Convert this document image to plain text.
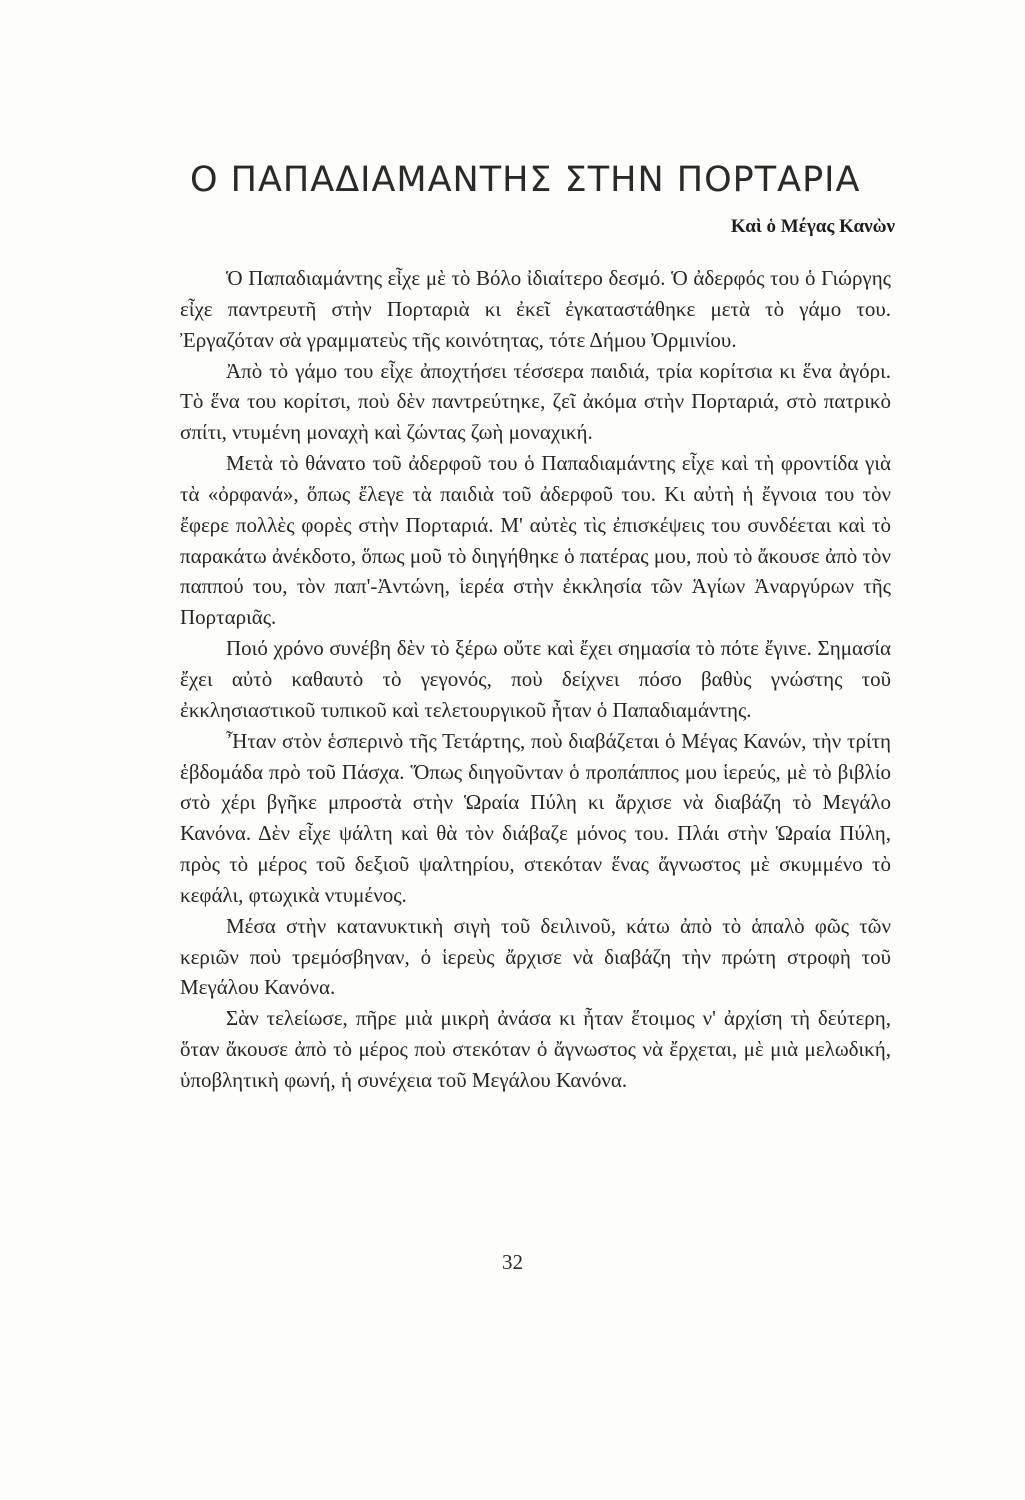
Ο ΠΑΠΑΔΙΑΜΑΝΤΗΣ ΣΤΗΝ ΠΟΡΤΑΡΙΑ
Καὶ ὁ Μέγας Κανὼν

Ὁ Παπαδιαμάντης εἶχε μὲ τὸ Βόλο ἰδιαίτερο δεσμό. Ὁ ἀδερφός του ὁ Γιώργης εἶχε παντρευτῆ στὴν Πορταριὰ κι ἐκεῖ ἐγκαταστάθηκε μετὰ τὸ γάμο του. Ἐργαζόταν σὰ γραμματεὺς τῆς κοινότητας, τότε Δήμου Ὀρμινίου.

Ἀπὸ τὸ γάμο του εἶχε ἀποχτήσει τέσσερα παιδιά, τρία κορίτσια κι ἕνα ἀγόρι. Τὸ ἕνα του κορίτσι, ποὺ δὲν παντρεύτηκε, ζεῖ ἀκόμα στὴν Πορταριά, στὸ πατρικὸ σπίτι, ντυμένη μοναχὴ καὶ ζώντας ζωὴ μοναχική.

Μετὰ τὸ θάνατο τοῦ ἀδερφοῦ του ὁ Παπαδιαμάντης εἶχε καὶ τὴ φροντίδα γιὰ τὰ «ὀρφανά», ὅπως ἔλεγε τὰ παιδιὰ τοῦ ἀδερφοῦ του. Κι αὐτὴ ἡ ἔγνοια του τὸν ἔφερε πολλὲς φορὲς στὴν Πορταριά. Μ' αὐτὲς τὶς ἐπισκέψεις του συνδέεται καὶ τὸ παρακάτω ἀνέκδοτο, ὅπως μοῦ τὸ διηγήθηκε ὁ πατέρας μου, ποὺ τὸ ἄκουσε ἀπὸ τὸν παππού του, τὸν παπ'-Ἀντώνη, ἱερέα στὴν ἐκκλησία τῶν Ἁγίων Ἀναργύρων τῆς Πορταριᾶς.

Ποιό χρόνο συνέβη δὲν τὸ ξέρω οὔτε καὶ ἔχει σημασία τὸ πότε ἔγινε. Σημασία ἔχει αὐτὸ καθαυτὸ τὸ γεγονός, ποὺ δείχνει πόσο βαθὺς γνώστης τοῦ ἐκκλησιαστικοῦ τυπικοῦ καὶ τελετουργικοῦ ἦταν ὁ Παπαδιαμάντης.

Ἦταν στὸν ἑσπερινὸ τῆς Τετάρτης, ποὺ διαβάζεται ὁ Μέγας Κανών, τὴν τρίτη ἑβδομάδα πρὸ τοῦ Πάσχα. Ὅπως διηγοῦνταν ὁ προπάππος μου ἱερεύς, μὲ τὸ βιβλίο στὸ χέρι βγῆκε μπροστὰ στὴν Ὡραία Πύλη κι ἄρχισε νὰ διαβάζη τὸ Μεγάλο Κανόνα. Δὲν εἶχε ψάλτη καὶ θὰ τὸν διάβαζε μόνος του. Πλάι στὴν Ὡραία Πύλη, πρὸς τὸ μέρος τοῦ δεξιοῦ ψαλτηρίου, στεκόταν ἕνας ἄγνωστος μὲ σκυμμένο τὸ κεφάλι, φτωχικὰ ντυμένος.

Μέσα στὴν κατανυκτικὴ σιγὴ τοῦ δειλινοῦ, κάτω ἀπὸ τὸ ἁπαλὸ φῶς τῶν κεριῶν ποὺ τρεμόσβηναν, ὁ ἱερεὺς ἄρχισε νὰ διαβάζη τὴν πρώτη στροφὴ τοῦ Μεγάλου Κανόνα.

Σὰν τελείωσε, πῆρε μιὰ μικρὴ ἀνάσα κι ἦταν ἕτοιμος ν' ἀρχίση τὴ δεύτερη, ὅταν ἄκουσε ἀπὸ τὸ μέρος ποὺ στεκόταν ὁ ἄγνωστος νὰ ἔρχεται, μὲ μιὰ μελωδική, ὑποβλητικὴ φωνή, ἡ συνέχεια τοῦ Μεγάλου Κανόνα.

32
